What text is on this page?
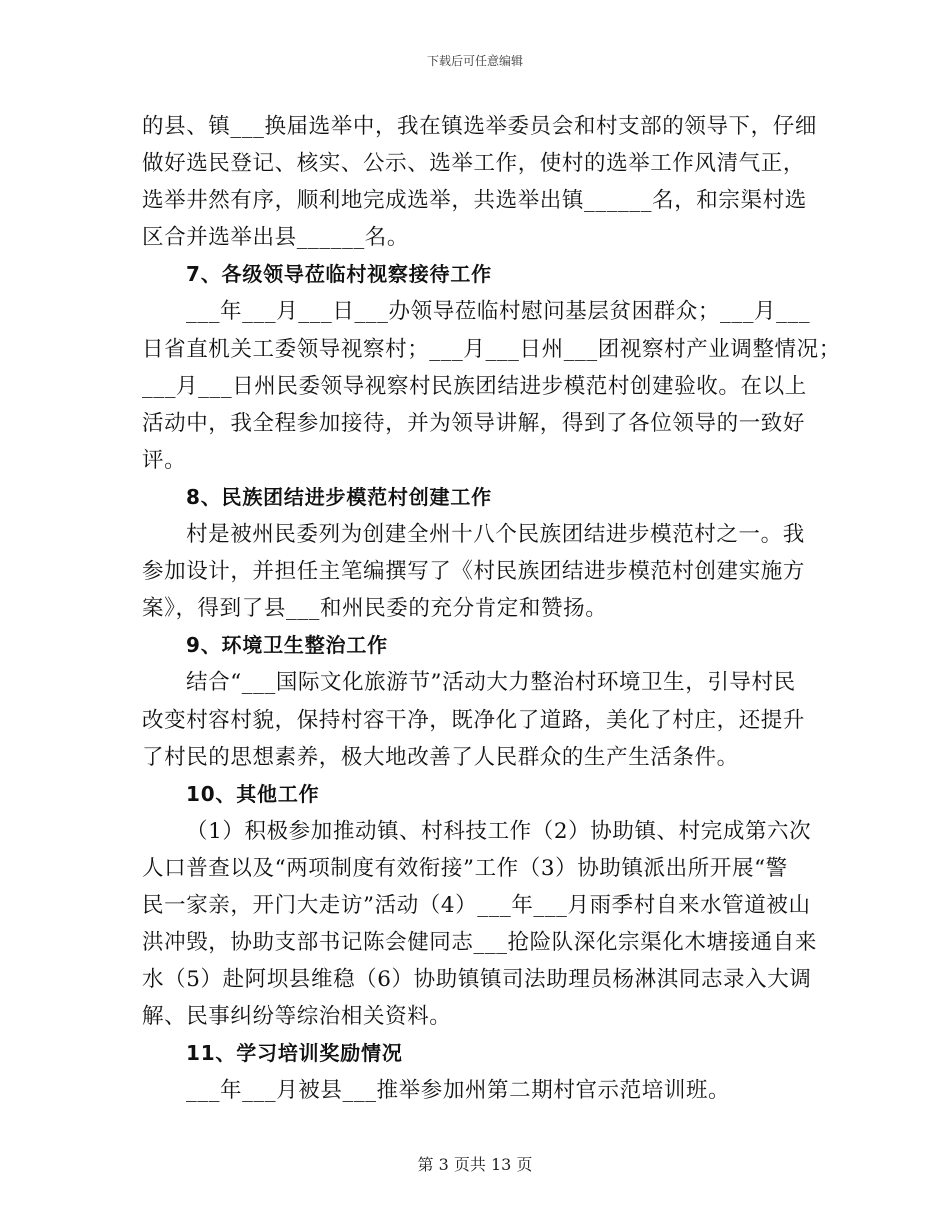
下载后可任意编辑
的县、镇___换届选举中，我在镇选举委员会和村支部的领导下，仔细
做好选民登记、核实、公示、选举工作，使村的选举工作风清气正，
选举井然有序，顺利地完成选举，共选举出镇______名，和宗渠村选
区合并选举出县______名。
7、各级领导莅临村视察接待工作
___年___月___日___办领导莅临村慰问基层贫困群众；___月___
日省直机关工委领导视察村；___月___日州___团视察村产业调整情况；
___月___日州民委领导视察村民族团结进步模范村创建验收。在以上
活动中，我全程参加接待，并为领导讲解，得到了各位领导的一致好
评。
8、民族团结进步模范村创建工作
村是被州民委列为创建全州十八个民族团结进步模范村之一。我
参加设计，并担任主笔编撰写了《村民族团结进步模范村创建实施方
案》，得到了县___和州民委的充分肯定和赞扬。
9、环境卫生整治工作
结合“___国际文化旅游节”活动大力整治村环境卫生，引导村民
改变村容村貌，保持村容干净，既净化了道路，美化了村庄，还提升
了村民的思想素养，极大地改善了人民群众的生产生活条件。
10、其他工作
（1）积极参加推动镇、村科技工作（2）协助镇、村完成第六次
人口普查以及“两项制度有效衔接”工作（3）协助镇派出所开展“警
民一家亲，开门大走访”活动（4）___年___月雨季村自来水管道被山
洪冲毁，协助支部书记陈会健同志___抢险队深化宗渠化木塘接通自来
水（5）赴阿坝县维稳（6）协助镇镇司法助理员杨淋淇同志录入大调
解、民事纠纷等综治相关资料。
11、学习培训奖励情况
___年___月被县___推举参加州第二期村官示范培训班。
第 3 页共 13 页
